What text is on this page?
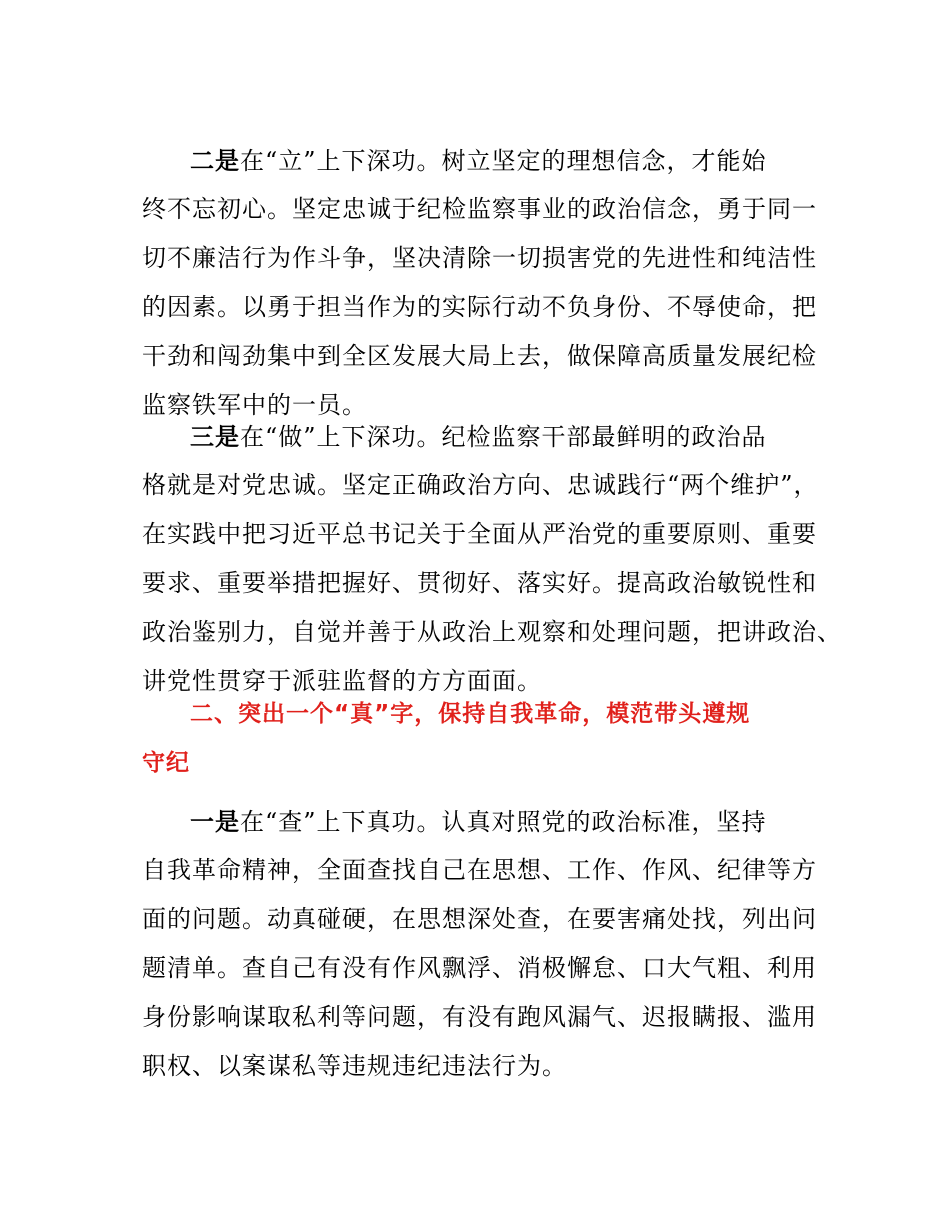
二是在“立”上下深功。树立坚定的理想信念，才能始
终不忘初心。坚定忠诚于纪检监察事业的政治信念，勇于同一
切不廉洁行为作斗争，坚决清除一切损害党的先进性和纯洁性
的因素。以勇于担当作为的实际行动不负身份、不辱使命，把
干劲和闯劲集中到全区发展大局上去，做保障高质量发展纪检
监察铁军中的一员。
三是在“做”上下深功。纪检监察干部最鲜明的政治品
格就是对党忠诚。坚定正确政治方向、忠诚践行“两个维护”，
在实践中把习近平总书记关于全面从严治党的重要原则、重要
要求、重要举措把握好、贯彻好、落实好。提高政治敏锐性和
政治鉴别力，自觉并善于从政治上观察和处理问题，把讲政治、
讲党性贯穿于派驻监督的方方面面。
二、突出一个“真”字，保持自我革命，模范带头遵规
守纪
一是在“查”上下真功。认真对照党的政治标准，坚持
自我革命精神，全面查找自己在思想、工作、作风、纪律等方
面的问题。动真碰硬，在思想深处查，在要害痛处找，列出问
题清单。查自己有没有作风飘浮、消极懈怠、口大气粗、利用
身份影响谋取私利等问题，有没有跑风漏气、迟报瞒报、滥用
职权、以案谋私等违规违纪违法行为。
